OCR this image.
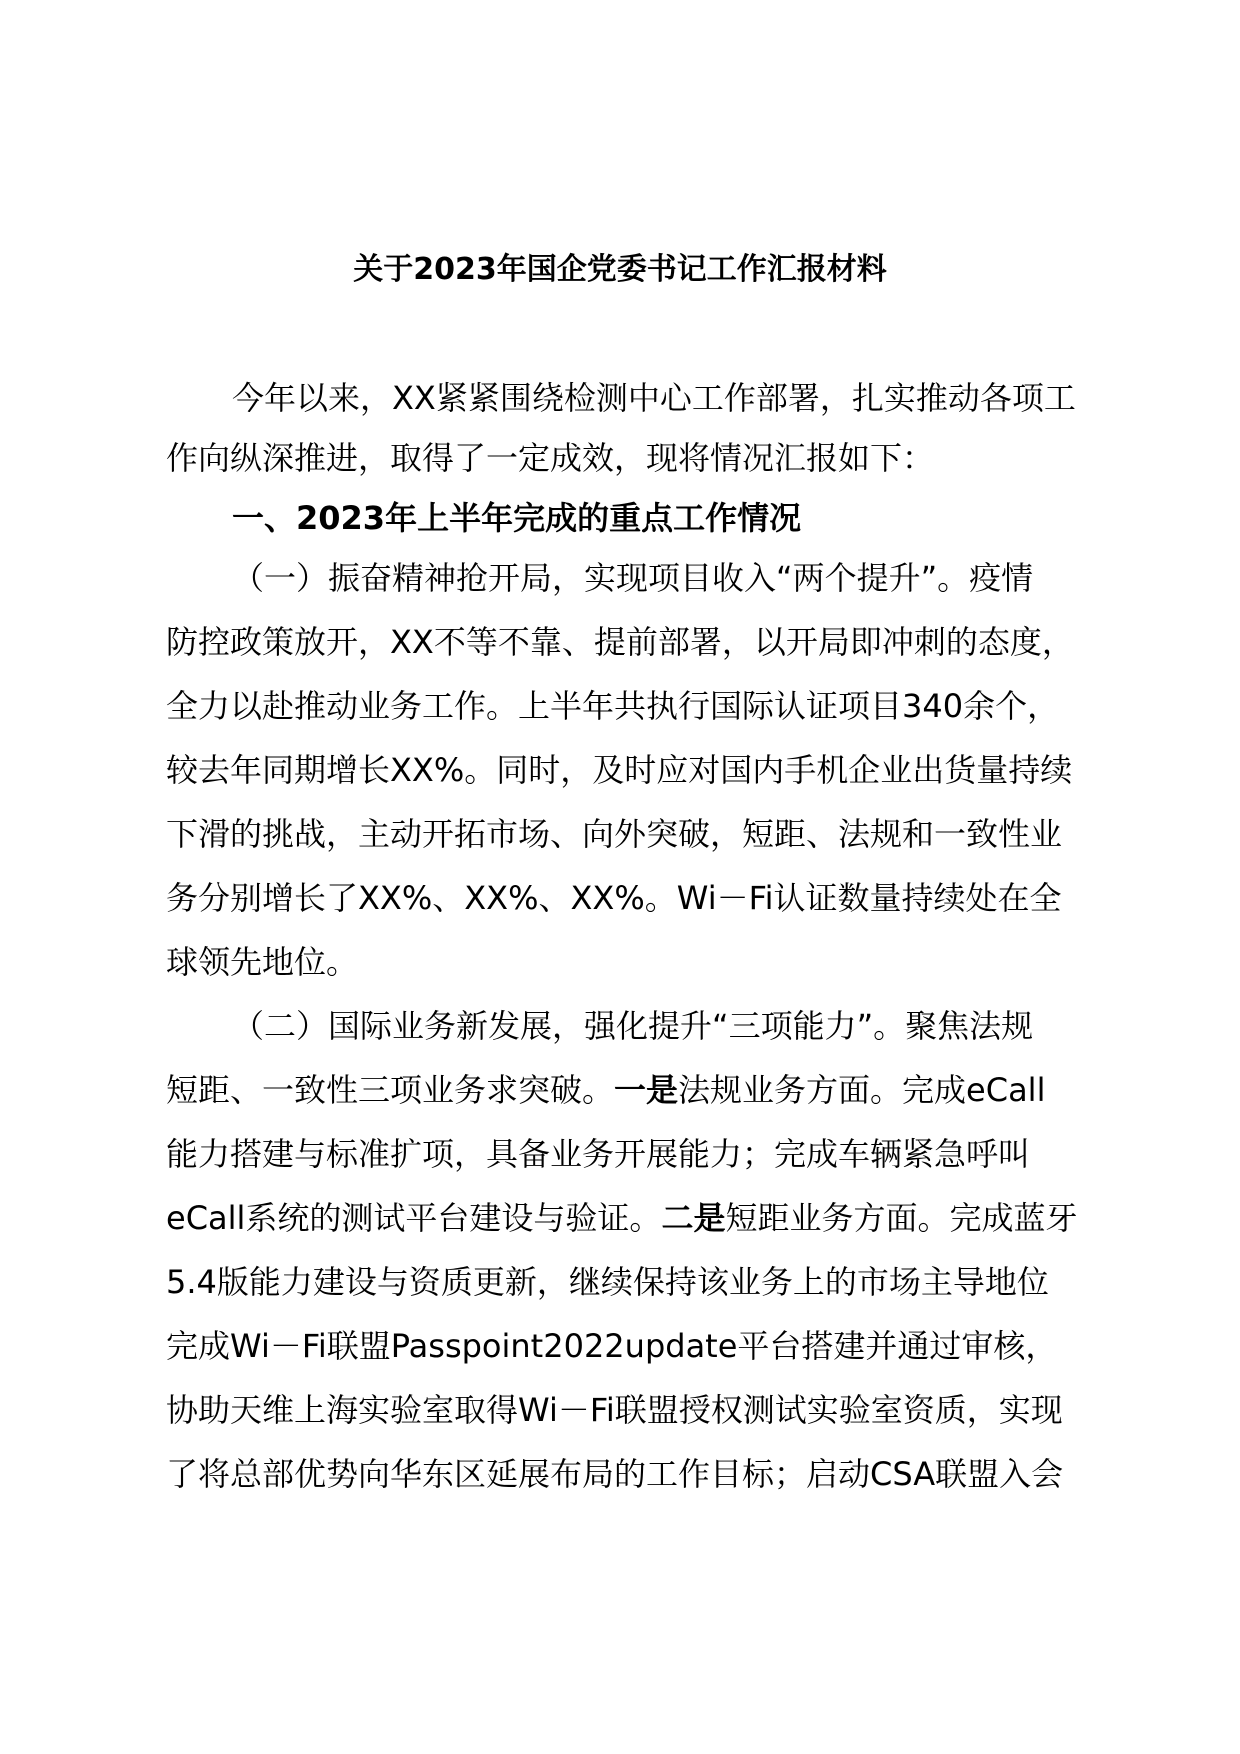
关于2023年国企党委书记工作汇报材料
今年以来，XX紧紧围绕检测中心工作部署，扎实推动各项工
作向纵深推进，取得了一定成效，现将情况汇报如下：
一、2023年上半年完成的重点工作情况
（一）振奋精神抢开局，实现项目收入“两个提升”。疫情
防控政策放开，XX不等不靠、提前部署，以开局即冲刺的态度，
全力以赴推动业务工作。上半年共执行国际认证项目340余个，
较去年同期增长XX%。同时，及时应对国内手机企业出货量持续
下滑的挑战，主动开拓市场、向外突破，短距、法规和一致性业
务分别增长了XX%、XX%、XX%。Wi－Fi认证数量持续处在全
球领先地位。
（二）国际业务新发展，强化提升“三项能力”。聚焦法规
短距、一致性三项业务求突破。一是法规业务方面。完成eCall
能力搭建与标准扩项，具备业务开展能力；完成车辆紧急呼叫
eCall系统的测试平台建设与验证。二是短距业务方面。完成蓝牙
5.4版能力建设与资质更新，继续保持该业务上的市场主导地位
完成Wi－Fi联盟Passpoint2022update平台搭建并通过审核，
协助天维上海实验室取得Wi－Fi联盟授权测试实验室资质，实现
了将总部优势向华东区延展布局的工作目标；启动CSA联盟入会
